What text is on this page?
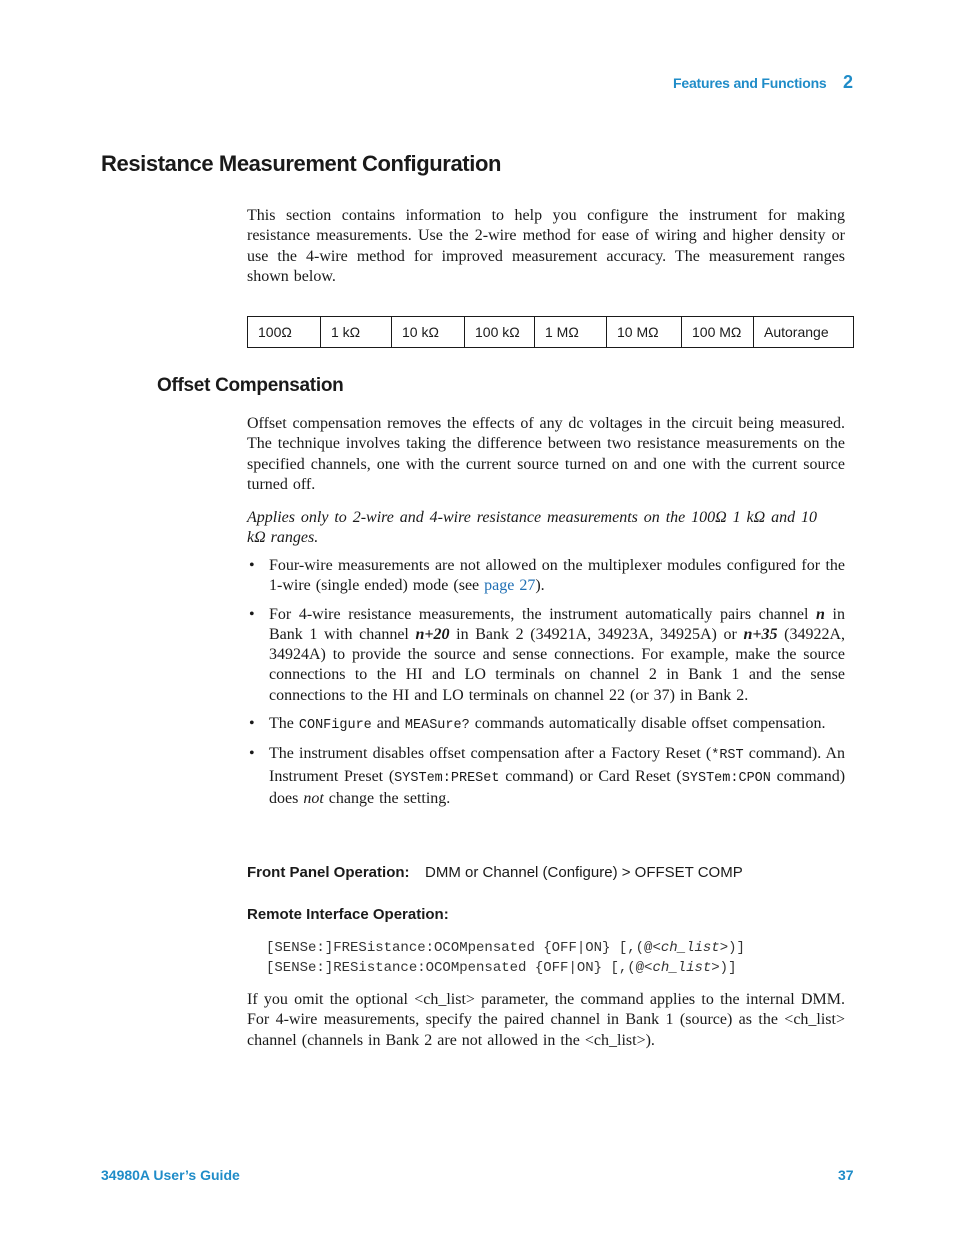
Features and Functions 2
Resistance Measurement Configuration

This section contains information to help you configure the instrument for making resistance measurements. Use the 2-wire method for ease of wiring and higher density or use the 4-wire method for improved measurement accuracy. The measurement ranges shown below.

100Ω	1 kΩ	10 kΩ	100 kΩ	1 MΩ	10 MΩ	100 MΩ	Autorange
Offset Compensation

Offset compensation removes the effects of any dc voltages in the circuit being measured. The technique involves taking the difference between two resistance measurements on the specified channels, one with the current source turned on and one with the current source turned off.

Applies only to 2-wire and 4-wire resistance measurements on the 100Ω 1 kΩ and 10 kΩ ranges.

• Four-wire measurements are not allowed on the multiplexer modules configured for the 1-wire (single ended) mode (see page 27).
• For 4-wire resistance measurements, the instrument automatically pairs channel n in Bank 1 with channel n+20 in Bank 2 (34921A, 34923A, 34925A) or n+35 (34922A, 34924A) to provide the source and sense connections. For example, make the source connections to the HI and LO terminals on channel 2 in Bank 1 and the sense connections to the HI and LO terminals on channel 22 (or 37) in Bank 2.
• The CONFigure and MEASure? commands automatically disable offset compensation.
• The instrument disables offset compensation after a Factory Reset (*RST command). An Instrument Preset (SYSTem:PRESet command) or Card Reset (SYSTem:CPON command) does not change the setting.
Front Panel Operation: DMM or Channel (Configure) > OFFSET COMP
Remote Interface Operation:
[SENSe:]FRESistance:OCOMpensated {OFF|ON} [,(@<ch_list>)]
[SENSe:]RESistance:OCOMpensated {OFF|ON} [,(@<ch_list>)]

If you omit the optional <ch_list> parameter, the command applies to the internal DMM. For 4-wire measurements, specify the paired channel in Bank 1 (source) as the <ch_list> channel (channels in Bank 2 are not allowed in the <ch_list>).

34980A User’s Guide	37
